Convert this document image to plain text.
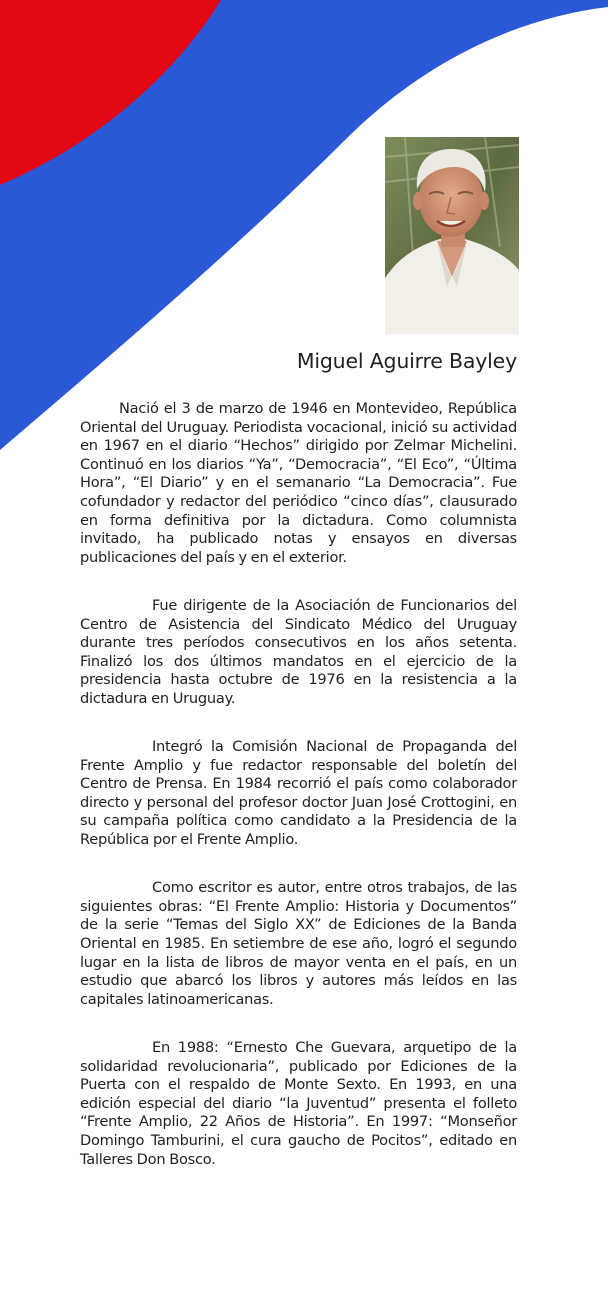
Miguel Aguirre Bayley

Nació el 3 de marzo de 1946 en Montevideo, República Oriental del Uruguay. Periodista vocacional, inició su actividad en 1967 en el diario “Hechos” dirigido por Zelmar Michelini. Continuó en los diarios “Ya”, “Democracia”, “El Eco”, “Última Hora”, “El Diario” y en el semanario “La Democracia”. Fue cofundador y redactor del periódico “cinco días”, clausurado en forma definitiva por la dictadura. Como columnista invitado, ha publicado notas y ensayos en diversas publicaciones del país y en el exterior.

Fue dirigente de la Asociación de Funcionarios del Centro de Asistencia del Sindicato Médico del Uruguay durante tres períodos consecutivos en los años setenta. Finalizó los dos últimos mandatos en el ejercicio de la presidencia hasta octubre de 1976 en la resistencia a la dictadura en Uruguay.

Integró la Comisión Nacional de Propaganda del Frente Amplio y fue redactor responsable del boletín del Centro de Prensa. En 1984 recorrió el país como colaborador directo y personal del profesor doctor Juan José Crottogini, en su campaña política como candidato a la Presidencia de la República por el Frente Amplio.

Como escritor es autor, entre otros trabajos, de las siguientes obras: “El Frente Amplio: Historia y Documentos” de la serie “Temas del Siglo XX” de Ediciones de la Banda Oriental en 1985. En setiembre de ese año, logró el segundo lugar en la lista de libros de mayor venta en el país, en un estudio que abarcó los libros y autores más leídos en las capitales latinoamericanas.

En 1988: “Ernesto Che Guevara, arquetipo de la solidaridad revolucionaria”, publicado por Ediciones de la Puerta con el respaldo de Monte Sexto. En 1993, en una edición especial del diario “la Juventud” presenta el folleto “Frente Amplio, 22 Años de Historia”. En 1997: “Monseñor Domingo Tamburini, el cura gaucho de Pocitos”, editado en Talleres Don Bosco.
